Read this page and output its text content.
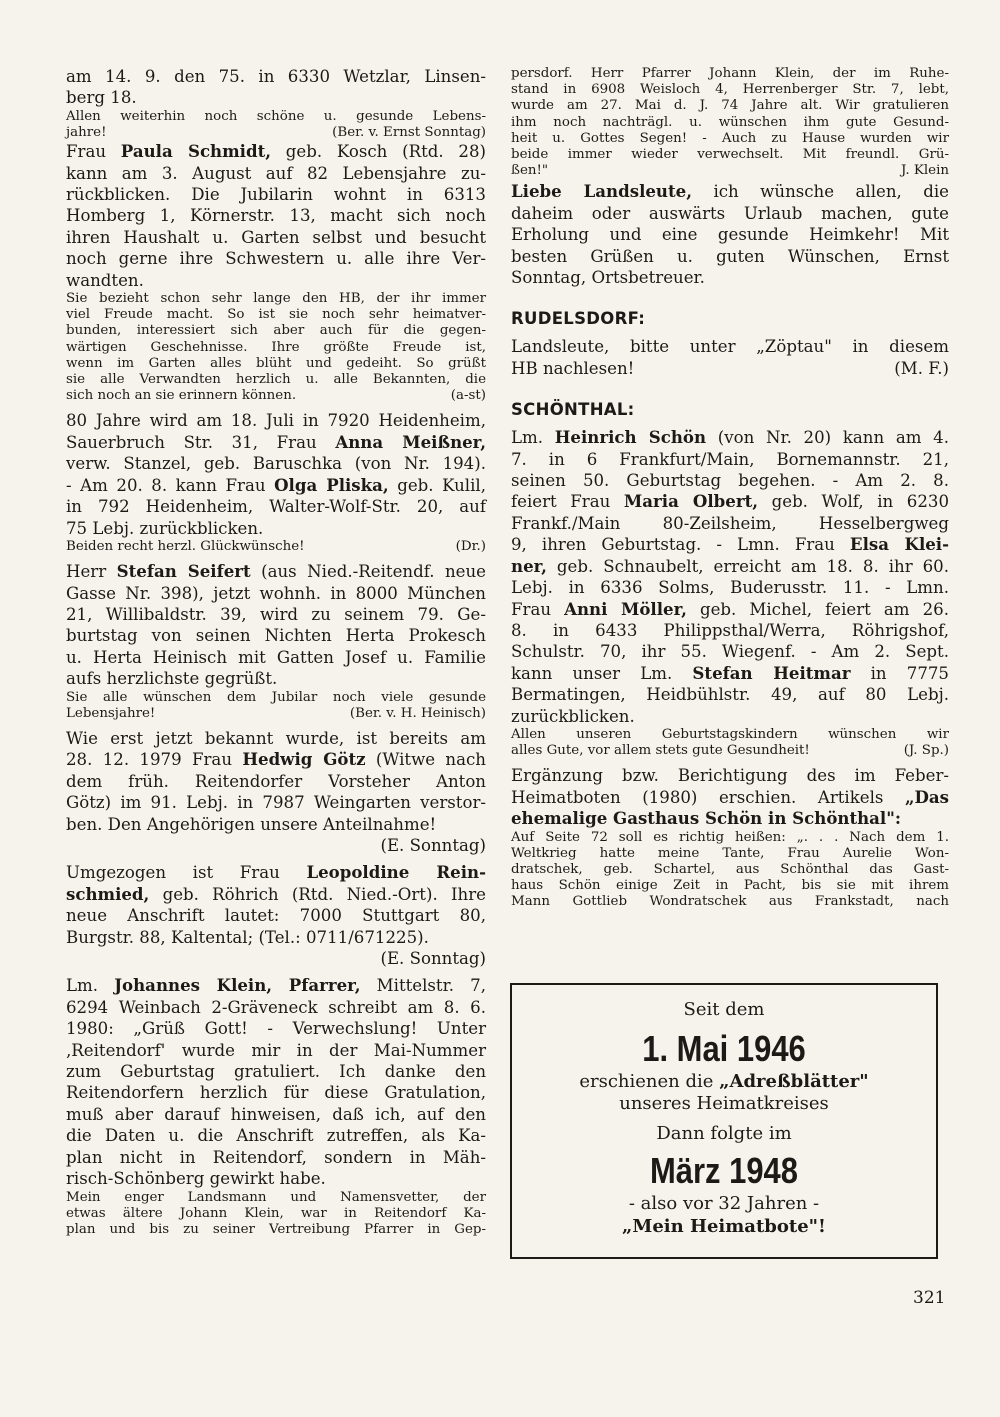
am 14. 9. den 75. in 6330 Wetzlar, Linsen-

berg 18.

Allen weiterhin noch schöne u. gesunde Lebens-

jahre!	(Ber. v. Ernst Sonntag)

Frau Paula Schmidt, geb. Kosch (Rtd. 28)

kann am 3. August auf 82 Lebensjahre zu-

rückblicken. Die Jubilarin wohnt in 6313

Homberg 1, Körnerstr. 13, macht sich noch

ihren Haushalt u. Garten selbst und besucht

noch gerne ihre Schwestern u. alle ihre Ver-

wandten.

Sie bezieht schon sehr lange den HB, der ihr immer

viel Freude macht. So ist sie noch sehr heimatver-

bunden, interessiert sich aber auch für die gegen-

wärtigen Geschehnisse. Ihre größte Freude ist,

wenn im Garten alles blüht und gedeiht. So grüßt

sie alle Verwandten herzlich u. alle Bekannten, die

sich noch an sie erinnern können.	(a-st)

80 Jahre wird am 18. Juli in 7920 Heidenheim,

Sauerbruch Str. 31, Frau Anna Meißner,

verw. Stanzel, geb. Baruschka (von Nr. 194).

- Am 20. 8. kann Frau Olga Pliska, geb. Kulil,

in 792 Heidenheim, Walter-Wolf-Str. 20, auf

75 Lebj. zurückblicken.

Beiden recht herzl. Glückwünsche!	(Dr.)

Herr Stefan Seifert (aus Nied.-Reitendf. neue

Gasse Nr. 398), jetzt wohnh. in 8000 München

21, Willibaldstr. 39, wird zu seinem 79. Ge-

burtstag von seinen Nichten Herta Prokesch

u. Herta Heinisch mit Gatten Josef u. Familie

aufs herzlichste gegrüßt.

Sie alle wünschen dem Jubilar noch viele gesunde

Lebensjahre!	(Ber. v. H. Heinisch)

Wie erst jetzt bekannt wurde, ist bereits am

28. 12. 1979 Frau Hedwig Götz (Witwe nach

dem früh. Reitendorfer Vorsteher Anton

Götz) im 91. Lebj. in 7987 Weingarten verstor-

ben. Den Angehörigen unsere Anteilnahme!

(E. Sonntag)

Umgezogen ist Frau Leopoldine Rein-

schmied, geb. Röhrich (Rtd. Nied.-Ort). Ihre

neue Anschrift lautet: 7000 Stuttgart 80,

Burgstr. 88, Kaltental; (Tel.: 0711/671225).

(E. Sonntag)

Lm. Johannes Klein, Pfarrer, Mittelstr. 7,

6294 Weinbach 2-Gräveneck schreibt am 8. 6.

1980: „Grüß Gott! - Verwechslung! Unter

‚Reitendorf' wurde mir in der Mai-Nummer

zum Geburtstag gratuliert. Ich danke den

Reitendorfern herzlich für diese Gratulation,

muß aber darauf hinweisen, daß ich, auf den

die Daten u. die Anschrift zutreffen, als Ka-

plan nicht in Reitendorf, sondern in Mäh-

risch-Schönberg gewirkt habe.

Mein enger Landsmann und Namensvetter, der

etwas ältere Johann Klein, war in Reitendorf Ka-

plan und bis zu seiner Vertreibung Pfarrer in Gep-

persdorf. Herr Pfarrer Johann Klein, der im Ruhe-

stand in 6908 Weisloch 4, Herrenberger Str. 7, lebt,

wurde am 27. Mai d. J. 74 Jahre alt. Wir gratulieren

ihm noch nachträgl. u. wünschen ihm gute Gesund-

heit u. Gottes Segen! - Auch zu Hause wurden wir

beide immer wieder verwechselt. Mit freundl. Grü-

ßen!"	J. Klein

Liebe Landsleute, ich wünsche allen, die

daheim oder auswärts Urlaub machen, gute

Erholung und eine gesunde Heimkehr! Mit

besten Grüßen u. guten Wünschen, Ernst

Sonntag, Ortsbetreuer.

RUDELSDORF:

Landsleute, bitte unter „Zöptau" in diesem

HB nachlesen!	(M. F.)

SCHÖNTHAL:

Lm. Heinrich Schön (von Nr. 20) kann am 4.

7. in 6 Frankfurt/Main, Bornemannstr. 21,

seinen 50. Geburtstag begehen. - Am 2. 8.

feiert Frau Maria Olbert, geb. Wolf, in 6230

Frankf./Main 80-Zeilsheim, Hesselbergweg

9, ihren Geburtstag. - Lmn. Frau Elsa Klei-

ner, geb. Schnaubelt, erreicht am 18. 8. ihr 60.

Lebj. in 6336 Solms, Buderusstr. 11. - Lmn.

Frau Anni Möller, geb. Michel, feiert am 26.

8. in 6433 Philippsthal/Werra, Röhrigshof,

Schulstr. 70, ihr 55. Wiegenf. - Am 2. Sept.

kann unser Lm. Stefan Heitmar in 7775

Bermatingen, Heidbühlstr. 49, auf 80 Lebj.

zurückblicken.

Allen unseren Geburtstagskindern wünschen wir

alles Gute, vor allem stets gute Gesundheit!	(J. Sp.)

Ergänzung bzw. Berichtigung des im Feber-

Heimatboten (1980) erschien. Artikels „Das

ehemalige Gasthaus Schön in Schönthal":

Auf Seite 72 soll es richtig heißen: „. . . Nach dem 1.

Weltkrieg hatte meine Tante, Frau Aurelie Won-

dratschek, geb. Schartel, aus Schönthal das Gast-

haus Schön einige Zeit in Pacht, bis sie mit ihrem

Mann Gottlieb Wondratschek aus Frankstadt, nach

Seit dem

1. Mai 1946

erschienen die „Adreßblätter"

unseres Heimatkreises

Dann folgte im

März 1948

- also vor 32 Jahren -

„Mein Heimatbote"!

321
